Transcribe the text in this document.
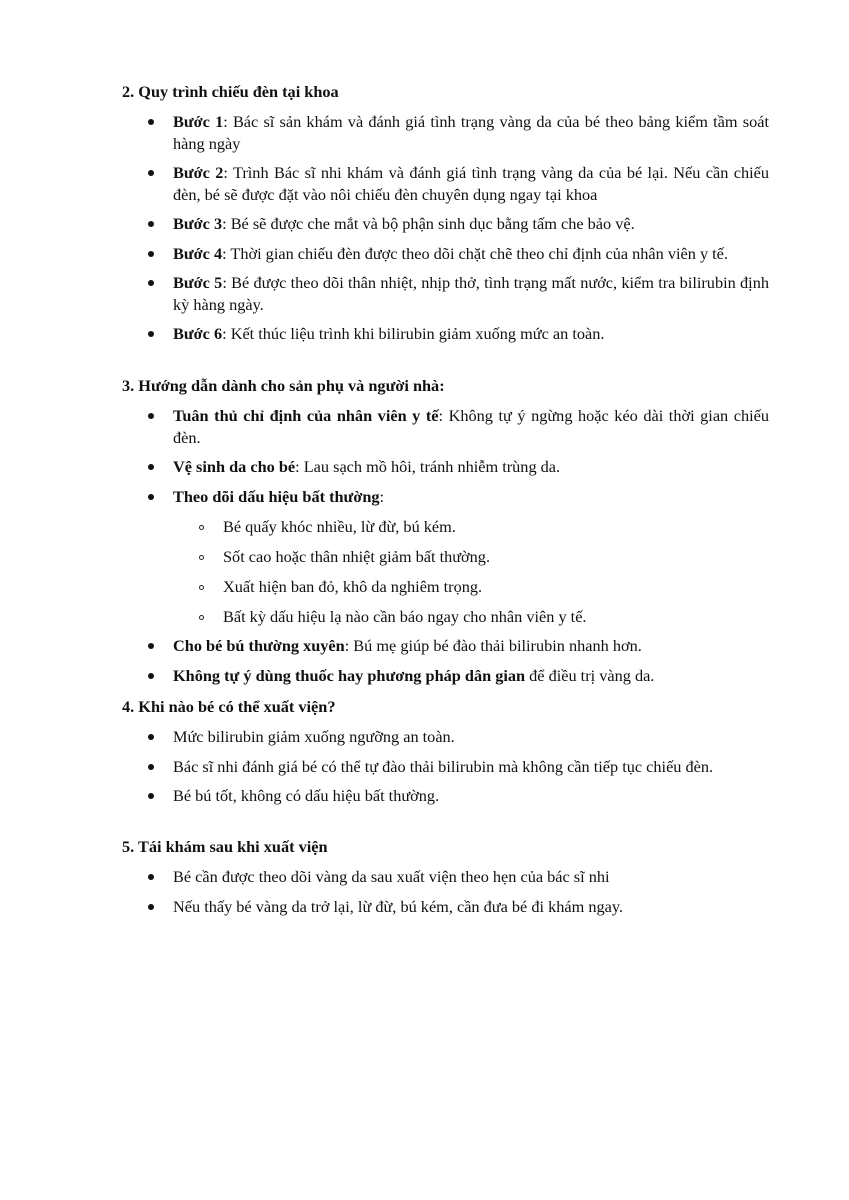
2. Quy trình chiếu đèn tại khoa
Bước 1: Bác sĩ sản khám và đánh giá tình trạng vàng da của bé theo bảng kiểm tầm soát hàng ngày
Bước 2: Trình Bác sĩ nhi khám và đánh giá tình trạng vàng da của bé lại. Nếu cần chiếu đèn, bé sẽ được đặt vào nôi chiếu đèn chuyên dụng ngay tại khoa
Bước 3: Bé sẽ được che mắt và bộ phận sinh dục bằng tấm che bảo vệ.
Bước 4: Thời gian chiếu đèn được theo dõi chặt chẽ theo chỉ định của nhân viên y tế.
Bước 5: Bé được theo dõi thân nhiệt, nhịp thở, tình trạng mất nước, kiểm tra bilirubin định kỳ hàng ngày.
Bước 6: Kết thúc liệu trình khi bilirubin giảm xuống mức an toàn.
3. Hướng dẫn dành cho sản phụ và người nhà:
Tuân thủ chỉ định của nhân viên y tế: Không tự ý ngừng hoặc kéo dài thời gian chiếu đèn.
Vệ sinh da cho bé: Lau sạch mồ hôi, tránh nhiễm trùng da.
Theo dõi dấu hiệu bất thường:
Bé quấy khóc nhiều, lừ đừ, bú kém.
Sốt cao hoặc thân nhiệt giảm bất thường.
Xuất hiện ban đỏ, khô da nghiêm trọng.
Bất kỳ dấu hiệu lạ nào cần báo ngay cho nhân viên y tế.
Cho bé bú thường xuyên: Bú mẹ giúp bé đào thải bilirubin nhanh hơn.
Không tự ý dùng thuốc hay phương pháp dân gian để điều trị vàng da.
4. Khi nào bé có thể xuất viện?
Mức bilirubin giảm xuống ngưỡng an toàn.
Bác sĩ nhi đánh giá bé có thể tự đào thải bilirubin mà không cần tiếp tục chiếu đèn.
Bé bú tốt, không có dấu hiệu bất thường.
5. Tái khám sau khi xuất viện
Bé cần được theo dõi vàng da sau xuất viện theo hẹn của bác sĩ nhi
Nếu thấy bé vàng da trở lại, lừ đừ, bú kém, cần đưa bé đi khám ngay.
